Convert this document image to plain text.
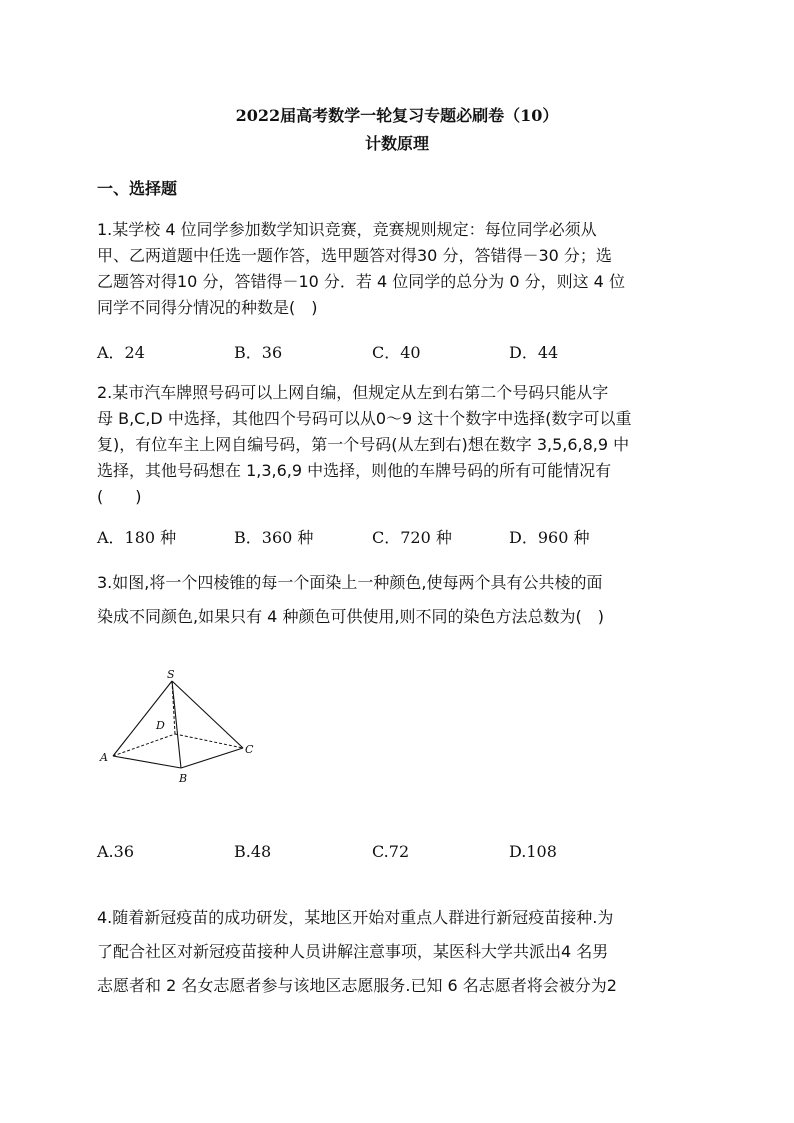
2022届高考数学一轮复习专题必刷卷（10）
计数原理
一、选择题
1.某学校 4 位同学参加数学知识竞赛，竞赛规则规定：每位同学必须从
甲、乙两道题中任选一题作答，选甲题答对得30 分，答错得－30 分；选
乙题答对得10 分，答错得－10 分．若 4 位同学的总分为 0 分，则这 4 位
同学不同得分情况的种数是(　)
A．24	B．36	C．40	D．44
2.某市汽车牌照号码可以上网自编，但规定从左到右第二个号码只能从字
母 B,C,D 中选择，其他四个号码可以从0～9 这十个数字中选择(数字可以重
复)，有位车主上网自编号码，第一个号码(从左到右)想在数字 3,5,6,8,9 中
选择，其他号码想在 1,3,6,9 中选择，则他的车牌号码的所有可能情况有
(　　)
A．180 种	B．360 种	C．720 种	D．960 种
3.如图,将一个四棱锥的每一个面染上一种颜色,使每两个具有公共棱的面
染成不同颜色,如果只有 4 种颜色可供使用,则不同的染色方法总数为(　)
S
D
A
B
C
A.36	B.48	C.72	D.108
4.随着新冠疫苗的成功研发，某地区开始对重点人群进行新冠疫苗接种.为
了配合社区对新冠疫苗接种人员讲解注意事项，某医科大学共派出4 名男
志愿者和 2 名女志愿者参与该地区志愿服务.已知 6 名志愿者将会被分为2
